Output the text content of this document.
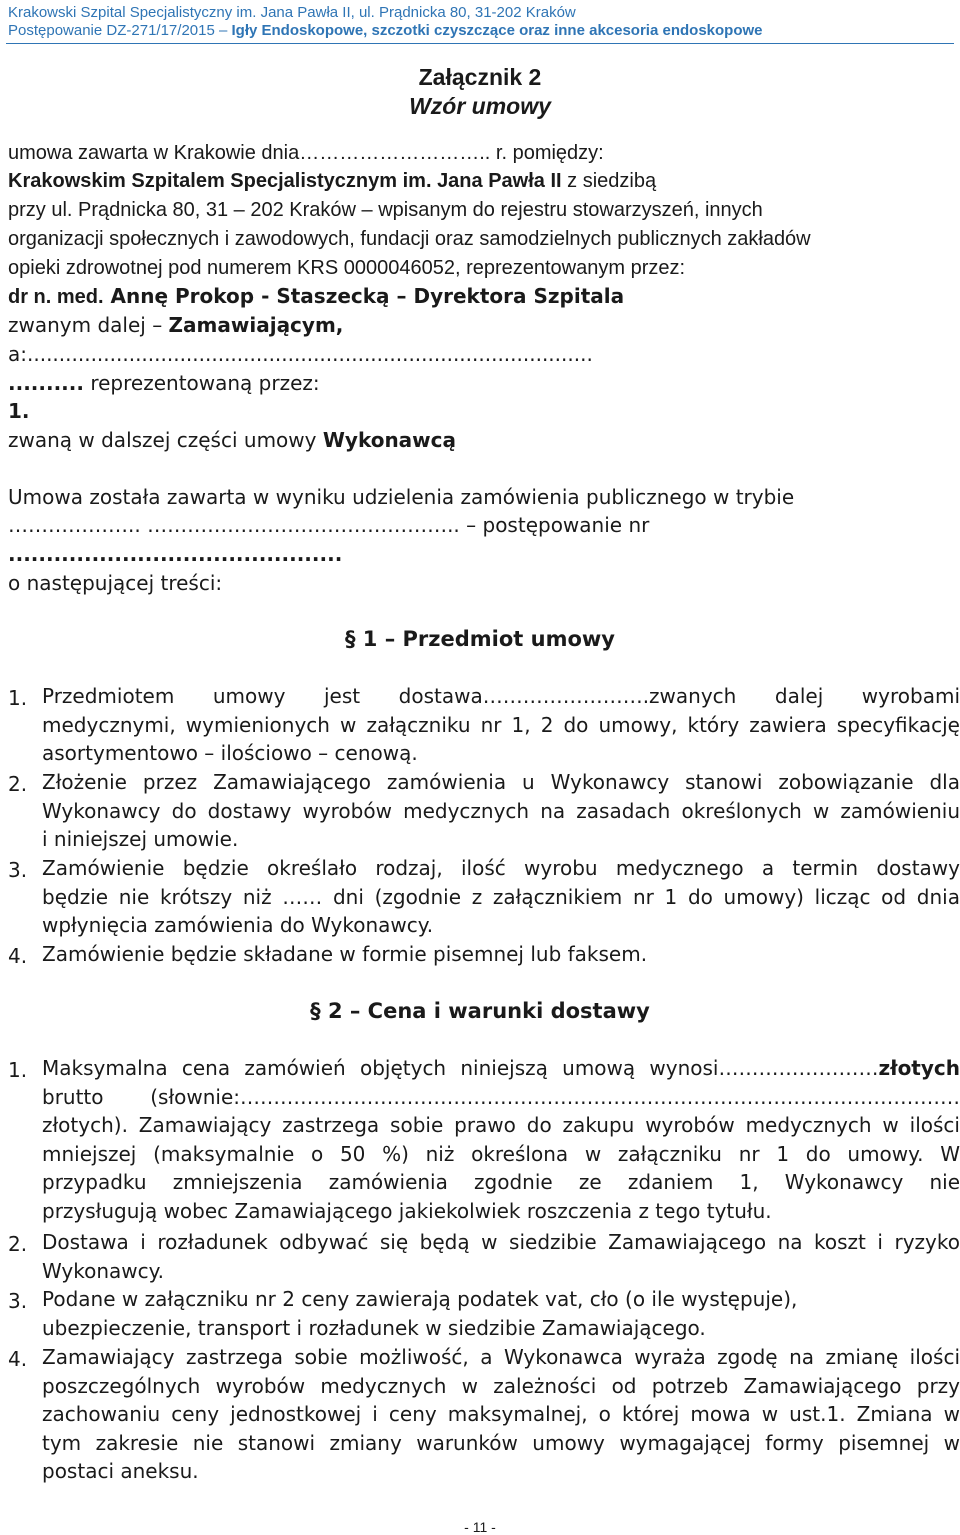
Krakowski Szpital Specjalistyczny im. Jana Pawła II, ul. Prądnicka 80, 31-202 Kraków
Postępowanie DZ-271/17/2015 – Igły Endoskopowe, szczotki czyszczące oraz inne akcesoria endoskopowe
Załącznik 2
Wzór umowy
umowa zawarta w Krakowie dnia……………………….. r. pomiędzy:
Krakowskim Szpitalem Specjalistycznym im. Jana Pawła II z siedzibą
przy ul. Prądnicka 80, 31 – 202 Kraków – wpisanym do rejestru stowarzyszeń, innych
organizacji społecznych i zawodowych, fundacji oraz samodzielnych publicznych zakładów
opieki zdrowotnej pod numerem KRS 0000046052, reprezentowanym przez:
dr n. med. Annę Prokop - Staszecką – Dyrektora Szpitala
zwanym dalej – Zamawiającym,
a:.........................................................................................
.......... reprezentowaną przez:
1.
zwaną w dalszej części umowy Wykonawcą
Umowa została zawarta w wyniku udzielenia zamówienia publicznego w trybie
……………….. ……………………………………….. – postępowanie nr
............................................
o następującej treści:
§ 1 – Przedmiot umowy
1. Przedmiotem umowy jest dostawa…………………….zwanych dalej wyrobami
medycznymi, wymienionych w załączniku nr 1, 2 do umowy, który zawiera specyfikację
asortymentowo – ilościowo – cenową.
2. Złożenie przez Zamawiającego zamówienia u Wykonawcy stanowi zobowiązanie dla
Wykonawcy do dostawy wyrobów medycznych na zasadach określonych w zamówieniu
i niniejszej umowie.
3. Zamówienie będzie określało rodzaj, ilość wyrobu medycznego a termin dostawy
będzie nie krótszy niż …… dni (zgodnie z załącznikiem nr 1 do umowy) licząc od dnia
wpłynięcia zamówienia do Wykonawcy.
4. Zamówienie będzie składane w formie pisemnej lub faksem.
§ 2 – Cena i warunki dostawy
1. Maksymalna cena zamówień objętych niniejszą umową wynosi……………………złotych
brutto (słownie:………………………………………………………………………………………………
złotych). Zamawiający zastrzega sobie prawo do zakupu wyrobów medycznych w ilości
mniejszej (maksymalnie o 50 %) niż określona w załączniku nr 1 do umowy. W
przypadku zmniejszenia zamówienia zgodnie ze zdaniem 1, Wykonawcy nie
przysługują wobec Zamawiającego jakiekolwiek roszczenia z tego tytułu.
2. Dostawa i rozładunek odbywać się będą w siedzibie Zamawiającego na koszt i ryzyko
Wykonawcy.
3. Podane w załączniku nr 2 ceny zawierają podatek vat, cło (o ile występuje),
ubezpieczenie, transport i rozładunek w siedzibie Zamawiającego.
4. Zamawiający zastrzega sobie możliwość, a Wykonawca wyraża zgodę na zmianę ilości
poszczególnych wyrobów medycznych w zależności od potrzeb Zamawiającego przy
zachowaniu ceny jednostkowej i ceny maksymalnej, o której mowa w ust.1. Zmiana w
tym zakresie nie stanowi zmiany warunków umowy wymagającej formy pisemnej w
postaci aneksu.
- 11 -
